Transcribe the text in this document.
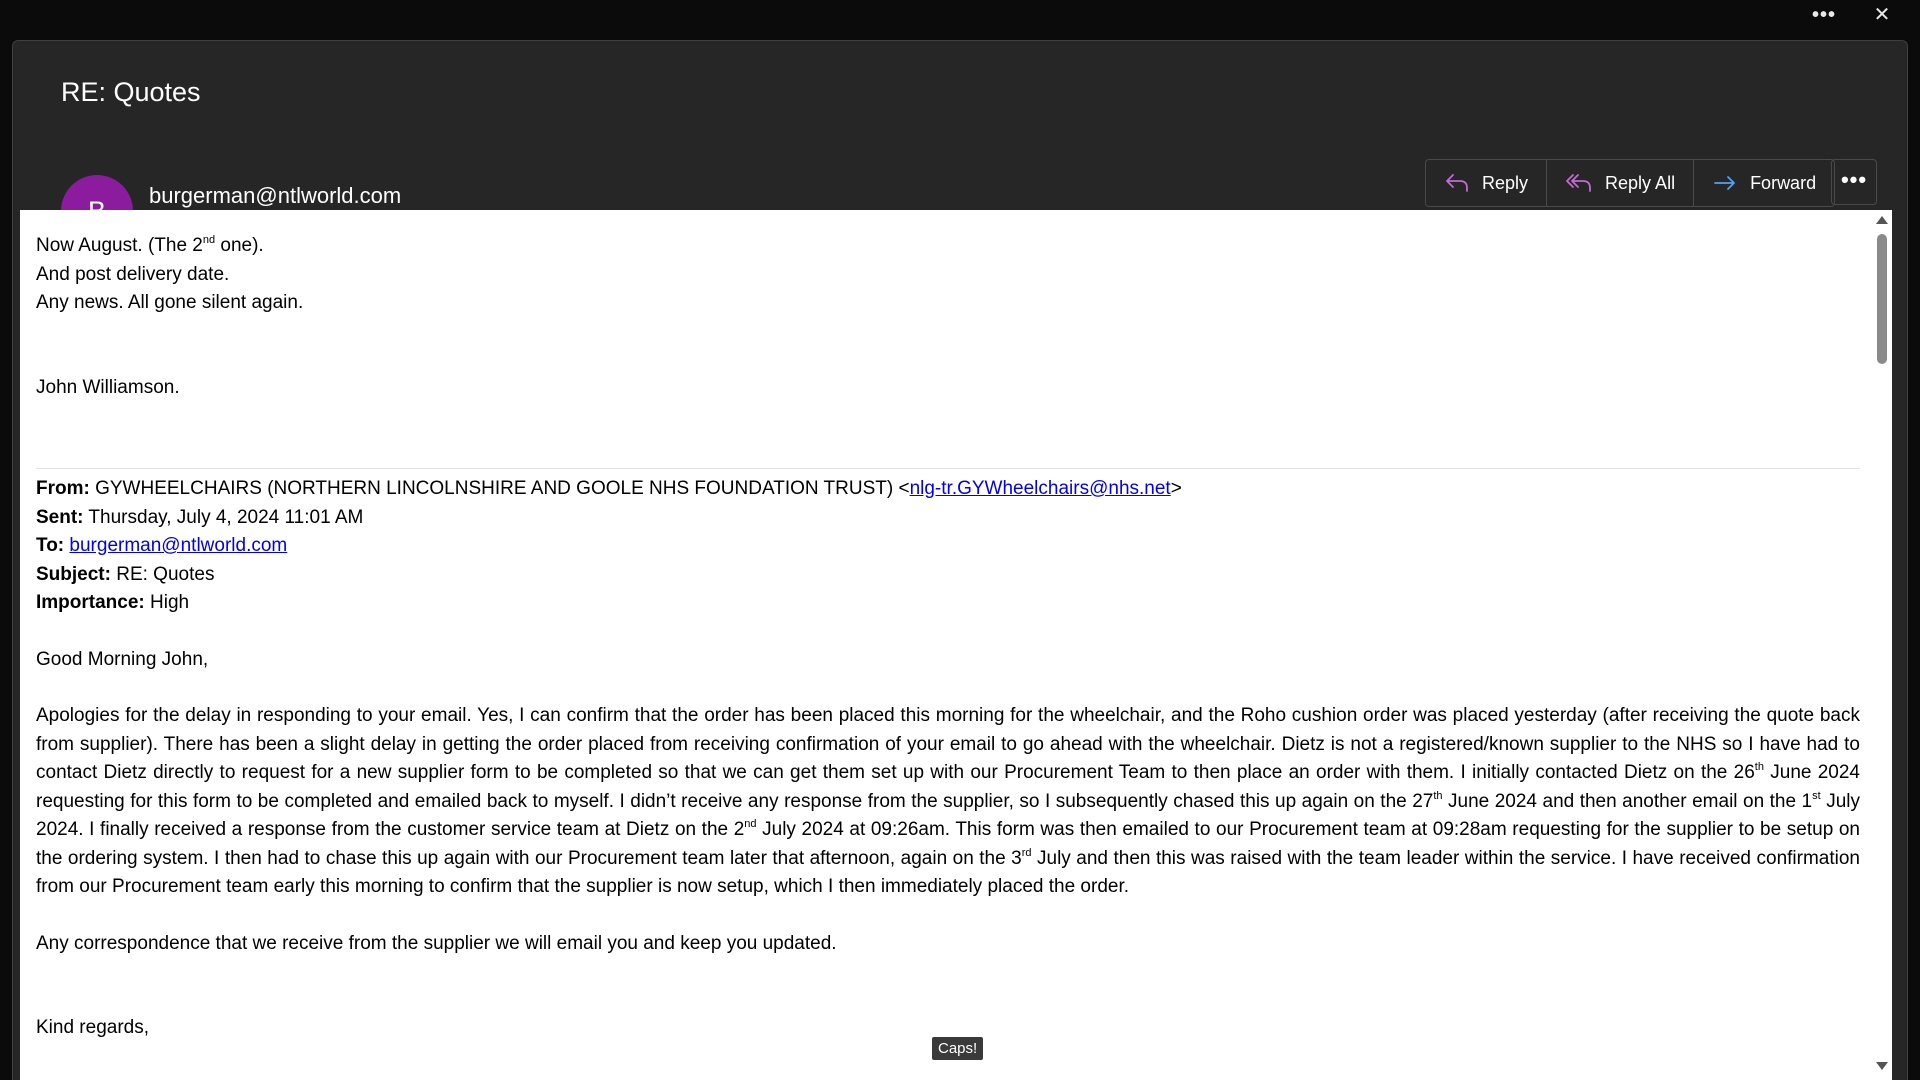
•••	✕
RE: Quotes
burgerman@ntlworld.com
Reply	Reply All	Forward	•••

Now August. (The 2nd one).

And post delivery date.

Any news. All gone silent again.

John Williamson.

From: GYWHEELCHAIRS (NORTHERN LINCOLNSHIRE AND GOOLE NHS FOUNDATION TRUST) <nlg-tr.GYWheelchairs@nhs.net>

Sent: Thursday, July 4, 2024 11:01 AM

To: burgerman@ntlworld.com

Subject: RE: Quotes

Importance: High

Good Morning John,

Apologies for the delay in responding to your email. Yes, I can confirm that the order has been placed this morning for the wheelchair, and the Roho cushion order was placed yesterday (after receiving the quote back from supplier). There has been a slight delay in getting the order placed from receiving confirmation of your email to go ahead with the wheelchair. Dietz is not a registered/known supplier to the NHS so I have had to contact Dietz directly to request for a new supplier form to be completed so that we can get them set up with our Procurement Team to then place an order with them. I initially contacted Dietz on the 26th June 2024 requesting for this form to be completed and emailed back to myself. I didn’t receive any response from the supplier, so I subsequently chased this up again on the 27th June 2024 and then another email on the 1st July 2024. I finally received a response from the customer service team at Dietz on the 2nd July 2024 at 09:26am. This form was then emailed to our Procurement team at 09:28am requesting for the supplier to be setup on the ordering system. I then had to chase this up again with our Procurement team later that afternoon, again on the 3rd July and then this was raised with the team leader within the service. I have received confirmation from our Procurement team early this morning to confirm that the supplier is now setup, which I then immediately placed the order.

Any correspondence that we receive from the supplier we will email you and keep you updated.

Kind regards,

Caps!
